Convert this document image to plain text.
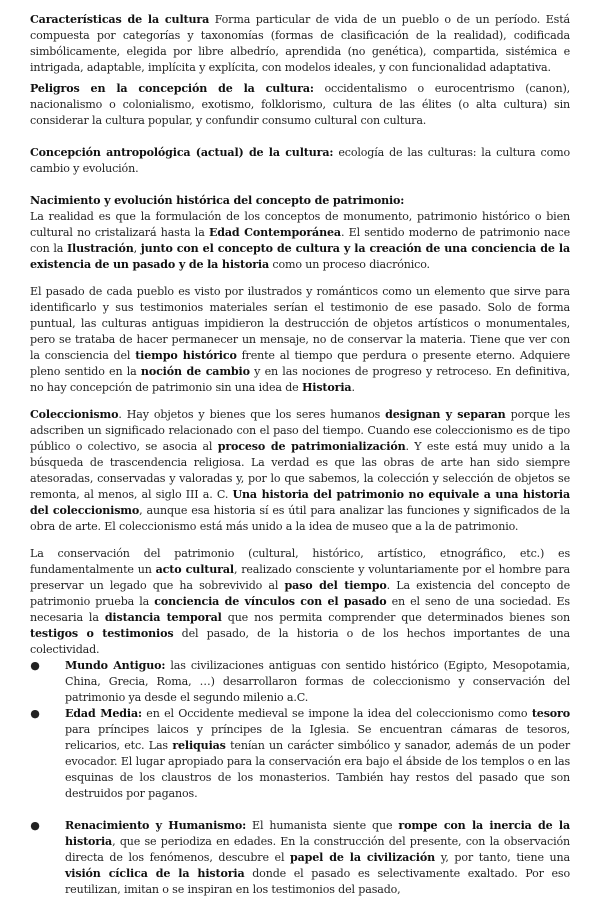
Características de la cultura Forma particular de vida de un pueblo o de un período. Está compuesta por categorías y taxonomías (formas de clasificación de la realidad), codificada simbólicamente, elegida por libre albedrío, aprendida (no genética), compartida, sistémica e intrigada, adaptable, implícita y explícita, con modelos ideales, y con funcionalidad adaptativa.

Peligros en la concepción de la cultura: occidentalismo o eurocentrismo (canon), nacionalismo o colonialismo, exotismo, folklorismo, cultura de las élites (o alta cultura) sin considerar la cultura popular, y confundir consumo cultural con cultura.

Concepción antropológica (actual) de la cultura: ecología de las culturas: la cultura como cambio y evolución.

Nacimiento y evolución histórica del concepto de patrimonio:

La realidad es que la formulación de los conceptos de monumento, patrimonio histórico o bien cultural no cristalizará hasta la Edad Contemporánea. El sentido moderno de patrimonio nace con la Ilustración, junto con el concepto de cultura y la creación de una conciencia de la existencia de un pasado y de la historia como un proceso diacrónico.

El pasado de cada pueblo es visto por ilustrados y románticos como un elemento que sirve para identificarlo y sus testimonios materiales serían el testimonio de ese pasado. Solo de forma puntual, las culturas antiguas impidieron la destrucción de objetos artísticos o monumentales, pero se trataba de hacer permanecer un mensaje, no de conservar la materia. Tiene que ver con la consciencia del tiempo histórico frente al tiempo que perdura o presente eterno. Adquiere pleno sentido en la noción de cambio y en las nociones de progreso y retroceso. En definitiva, no hay concepción de patrimonio sin una idea de Historia.

Coleccionismo. Hay objetos y bienes que los seres humanos designan y separan porque les adscriben un significado relacionado con el paso del tiempo. Cuando ese coleccionismo es de tipo público o colectivo, se asocia al proceso de patrimonialización. Y este está muy unido a la búsqueda de trascendencia religiosa. La verdad es que las obras de arte han sido siempre atesoradas, conservadas y valoradas y, por lo que sabemos, la colección y selección de objetos se remonta, al menos, al siglo III a. C. Una historia del patrimonio no equivale a una historia del coleccionismo, aunque esa historia sí es útil para analizar las funciones y significados de la obra de arte. El coleccionismo está más unido a la idea de museo que a la de patrimonio.

La conservación del patrimonio (cultural, histórico, artístico, etnográfico, etc.) es fundamentalmente un acto cultural, realizado consciente y voluntariamente por el hombre para preservar un legado que ha sobrevivido al paso del tiempo. La existencia del concepto de patrimonio prueba la conciencia de vínculos con el pasado en el seno de una sociedad. Es necesaria la distancia temporal que nos permita comprender que determinados bienes son testigos o testimonios del pasado, de la historia o de los hechos importantes de una colectividad.

● Mundo Antiguo: las civilizaciones antiguas con sentido histórico (Egipto, Mesopotamia, China, Grecia, Roma, …) desarrollaron formas de coleccionismo y conservación del patrimonio ya desde el segundo milenio a.C.
● Edad Media: en el Occidente medieval se impone la idea del coleccionismo como tesoro para príncipes laicos y príncipes de la Iglesia. Se encuentran cámaras de tesoros, relicarios, etc. Las reliquias tenían un carácter simbólico y sanador, además de un poder evocador. El lugar apropiado para la conservación era bajo el ábside de los templos o en las esquinas de los claustros de los monasterios. También hay restos del pasado que son destruidos por paganos.
● Renacimiento y Humanismo: El humanista siente que rompe con la inercia de la historia, que se periodiza en edades. En la construcción del presente, con la observación directa de los fenómenos, descubre el papel de la civilización y, por tanto, tiene una visión cíclica de la historia donde el pasado es selectivamente exaltado. Por eso reutilizan, imitan o se inspiran en los testimonios del pasado,
